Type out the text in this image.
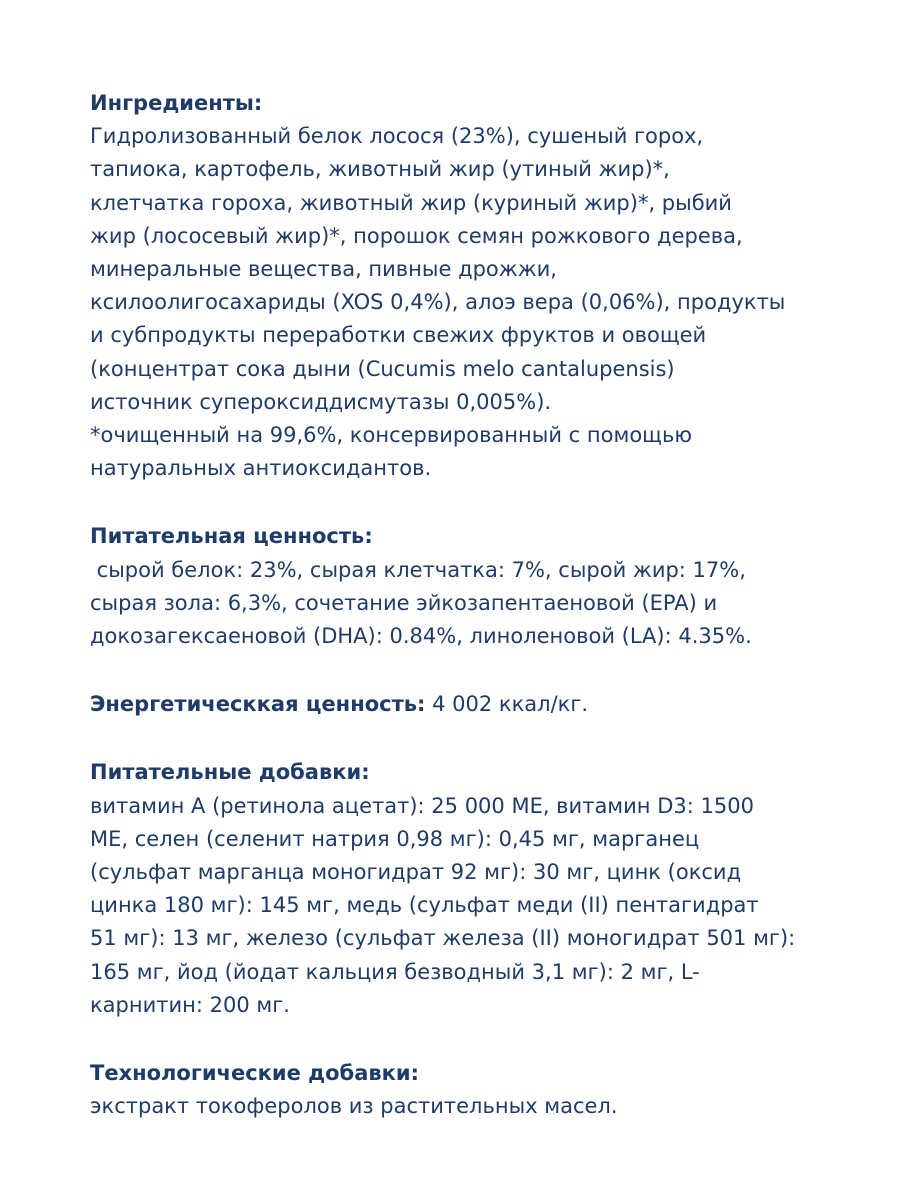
Ингредиенты:
Гидролизованный белок лосося (23%), сушеный горох,
тапиока, картофель, животный жир (утиный жир)*,
клетчатка гороха, животный жир (куриный жир)*, рыбий
жир (лососевый жир)*, порошок семян рожкового дерева,
минеральные вещества, пивные дрожжи,
ксилоолигосахариды (XOS 0,4%), алоэ вера (0,06%), продукты
и субпродукты переработки свежих фруктов и овощей
(концентрат сока дыни (Cucumis melo cantalupensis)
источник супероксиддисмутазы 0,005%).
*очищенный на 99,6%, консервированный с помощью
натуральных антиоксидантов.
Питательная ценность:
сырой белок: 23%, сырая клетчатка: 7%, сырой жир: 17%,
сырая зола: 6,3%, сочетание эйкозапентаеновой (EPA) и
докозагексаеновой (DHA): 0.84%, линоленовой (LA): 4.35%.
Энергетическкая ценность: 4 002 ккал/кг.
Питательные добавки:
витамин А (ретинола ацетат): 25 000 МЕ, витамин D3: 1500
МЕ, селен (селенит натрия 0,98 мг): 0,45 мг, марганец
(сульфат марганца моногидрат 92 мг): 30 мг, цинк (оксид
цинка 180 мг): 145 мг, медь (сульфат меди (II) пентагидрат
51 мг): 13 мг, железо (сульфат железа (II) моногидрат 501 мг):
165 мг, йод (йодат кальция безводный 3,1 мг): 2 мг, L-
карнитин: 200 мг.
Технологические добавки:
экстракт токоферолов из растительных масел.
